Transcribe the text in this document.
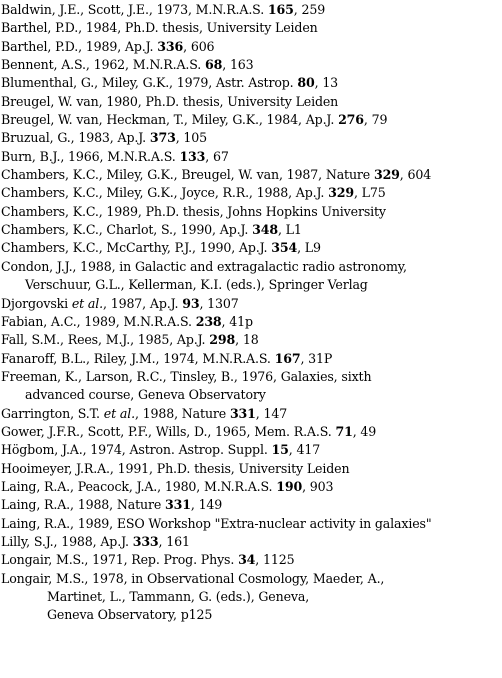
Baldwin, J.E., Scott, J.E., 1973, M.N.R.A.S. 165, 259
Barthel, P.D., 1984, Ph.D. thesis, University Leiden
Barthel, P.D., 1989, Ap.J. 336, 606
Bennent, A.S., 1962, M.N.R.A.S. 68, 163
Blumenthal, G., Miley, G.K., 1979, Astr. Astrop. 80, 13
Breugel, W. van, 1980, Ph.D. thesis, University Leiden
Breugel, W. van, Heckman, T., Miley, G.K., 1984, Ap.J. 276, 79
Bruzual, G., 1983, Ap.J. 373, 105
Burn, B.J., 1966, M.N.R.A.S. 133, 67
Chambers, K.C., Miley, G.K., Breugel, W. van, 1987, Nature 329, 604
Chambers, K.C., Miley, G.K., Joyce, R.R., 1988, Ap.J. 329, L75
Chambers, K.C., 1989, Ph.D. thesis, Johns Hopkins University
Chambers, K.C., Charlot, S., 1990, Ap.J. 348, L1
Chambers, K.C., McCarthy, P.J., 1990, Ap.J. 354, L9
Condon, J.J., 1988, in Galactic and extragalactic radio astronomy,
Verschuur, G.L., Kellerman, K.I. (eds.), Springer Verlag
Djorgovski et al., 1987, Ap.J. 93, 1307
Fabian, A.C., 1989, M.N.R.A.S. 238, 41p
Fall, S.M., Rees, M.J., 1985, Ap.J. 298, 18
Fanaroff, B.L., Riley, J.M., 1974, M.N.R.A.S. 167, 31P
Freeman, K., Larson, R.C., Tinsley, B., 1976, Galaxies, sixth
advanced course, Geneva Observatory
Garrington, S.T. et al., 1988, Nature 331, 147
Gower, J.F.R., Scott, P.F., Wills, D., 1965, Mem. R.A.S. 71, 49
Högbom, J.A., 1974, Astron. Astrop. Suppl. 15, 417
Hooimeyer, J.R.A., 1991, Ph.D. thesis, University Leiden
Laing, R.A., Peacock, J.A., 1980, M.N.R.A.S. 190, 903
Laing, R.A., 1988, Nature 331, 149
Laing, R.A., 1989, ESO Workshop "Extra-nuclear activity in galaxies"
Lilly, S.J., 1988, Ap.J. 333, 161
Longair, M.S., 1971, Rep. Prog. Phys. 34, 1125
Longair, M.S., 1978, in Observational Cosmology, Maeder, A.,
Martinet, L., Tammann, G. (eds.), Geneva,
Geneva Observatory, p125
